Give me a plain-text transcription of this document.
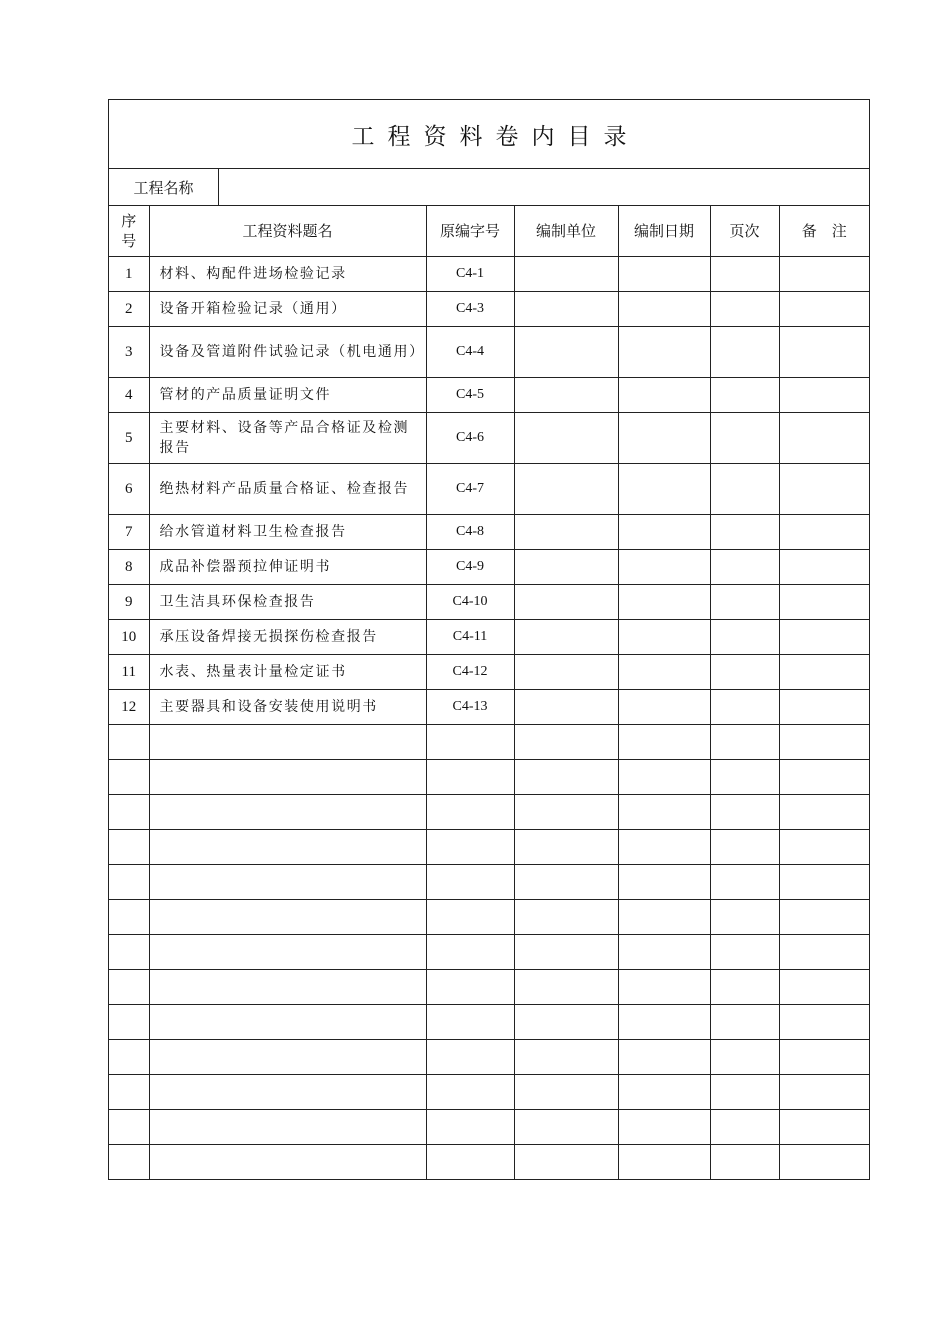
工程资料卷内目录
工程名称
序号	工程资料题名	原编字号	编制单位	编制日期	页次	备　注
1	材料、构配件进场检验记录	C4-1				
2	设备开箱检验记录（通用）	C4-3				
3	设备及管道附件试验记录（机电通用）	C4-4				
4	管材的产品质量证明文件	C4-5				
5	主要材料、设备等产品合格证及检测报告	C4-6				
6	绝热材料产品质量合格证、检查报告	C4-7				
7	给水管道材料卫生检查报告	C4-8				
8	成品补偿器预拉伸证明书	C4-9				
9	卫生洁具环保检查报告	C4-10				
10	承压设备焊接无损探伤检查报告	C4-11				
11	水表、热量表计量检定证书	C4-12				
12	主要器具和设备安装使用说明书	C4-13				
